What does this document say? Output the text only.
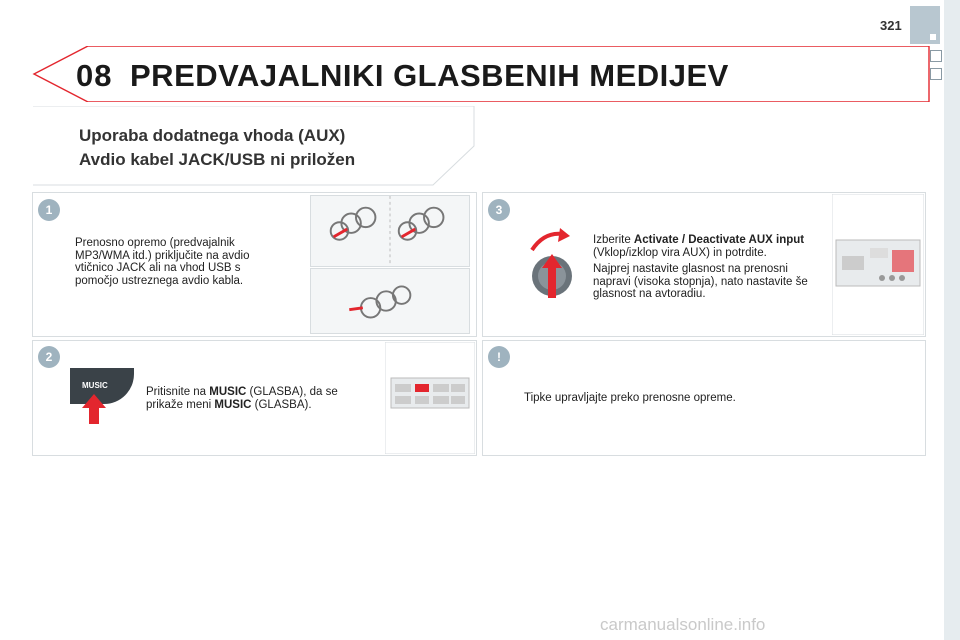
321
08 PREDVAJALNIKI GLASBENIH MEDIJEV
Uporaba dodatnega vhoda (AUX)
Avdio kabel JACK/USB ni priložen
1
Prenosno opremo (predvajalnik MP3/WMA itd.) priključite na avdio vtičnico JACK ali na vhod USB s pomočjo ustreznega avdio kabla.
2
MUSIC
Pritisnite na MUSIC (GLASBA), da se prikaže meni MUSIC (GLASBA).
3
Izberite Activate / Deactivate AUX input (Vklop/izklop vira AUX) in potrdite.
Najprej nastavite glasnost na prenosni napravi (visoka stopnja), nato nastavite še glasnost na avtoradiu.
!
Tipke upravljajte preko prenosne opreme.
carmanualsonline.info
